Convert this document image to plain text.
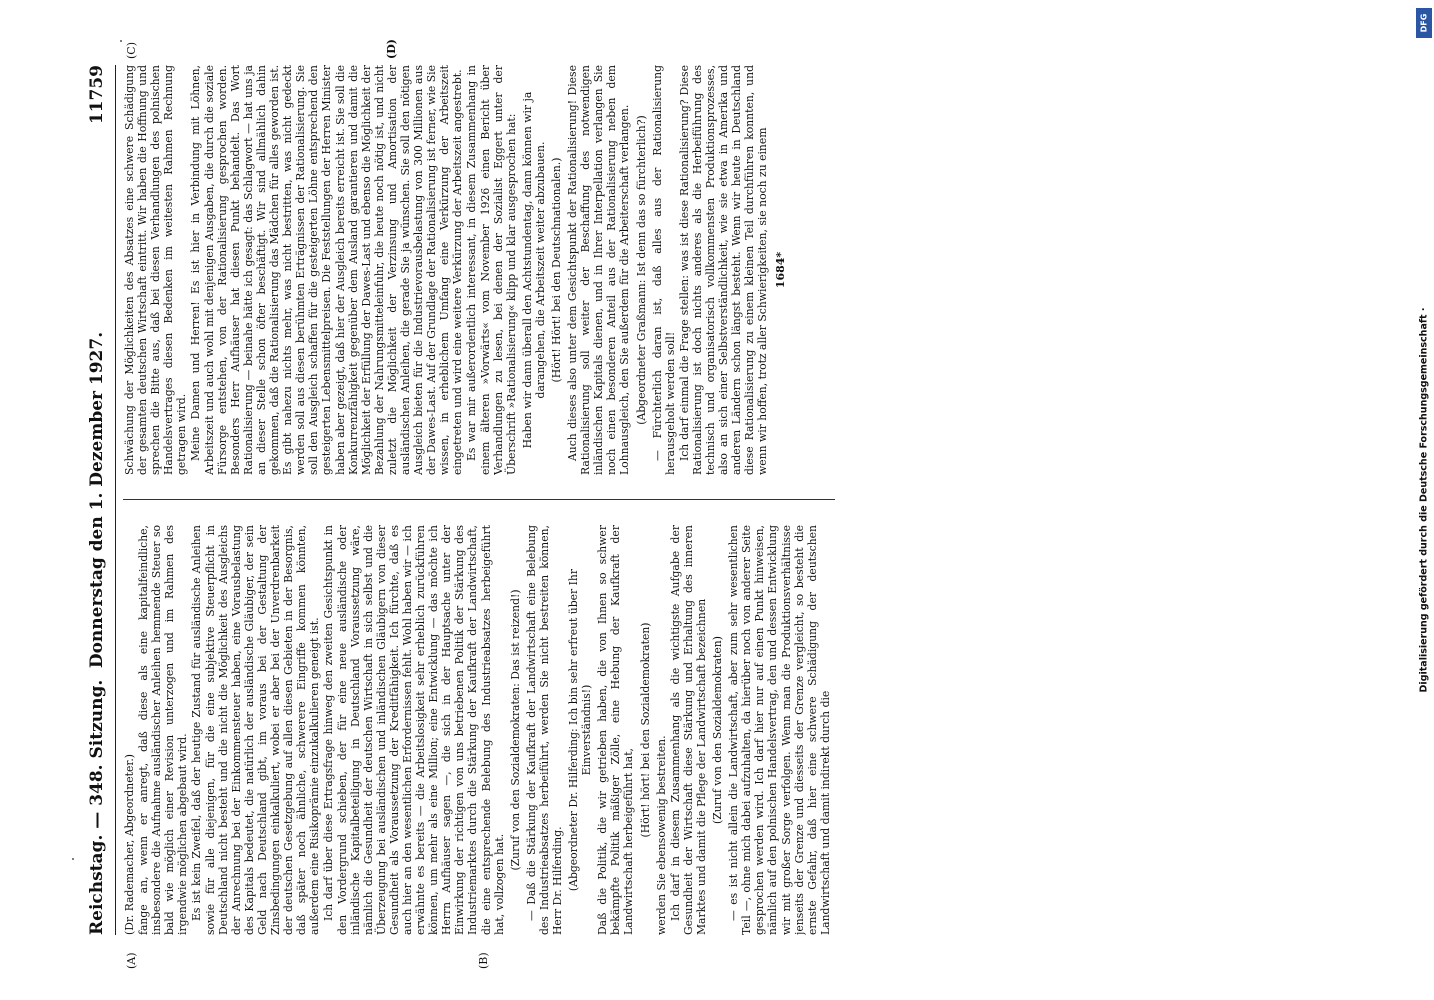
Reichstag. — 348. Sitzung.
Donnerstag den 1. Dezember 1927.
11759
(A)	(B)
(C)	(D)

(Dr. Rademacher, Abgeordneter.) fange an, wenn er anregt, daß diese als eine kapitalfeindliche, insbesondere die Aufnahme ausländischer Anleihen hemmende Steuer so bald wie möglich einer Revision unterzogen und im Rahmen des irgendwie möglichen abgebaut wird. Es ist kein Zweifel, daß der heutige Zustand für ausländische Anleihen sowie für alle diejenigen, für die eine subjektive Steuerpflicht in Deutschland nicht besteht und die nicht die Möglichkeit des Ausgleichs der Anrechnung bei der Einkommensteuer haben, eine Vorausbelastung des Kapitals bedeutet, die natürlich der ausländische Gläubiger, der sein Geld nach Deutschland gibt, im voraus bei der Gestaltung der Zinsbedingungen einkalkuliert, wobei er aber bei der Unverdrenbarkeit der deutschen Gesetzgebung auf allen diesen Gebieten in der Besorgnis, daß später noch ähnliche, schwerere Eingriffe kommen könnten, außerdem eine Risikoprämie einzukalkulieren geneigt ist. Ich darf über diese Ertragsfrage hinweg den zweiten Gesichtspunkt in den Vordergrund schieben, der für eine neue ausländische oder inländische Kapitalbeteiligung in Deutschland Voraussetzung wäre, nämlich die Gesundheit der deutschen Wirtschaft in sich selbst und die Überzeugung bei ausländischen und inländischen Gläubigern von dieser Gesundheit als Voraussetzung der Kreditfähigkeit. Ich fürchte, daß es auch hier an den wesentlichen Erfordernissen fehlt. Wohl haben wir — ich erwähnte es bereits — die Arbeitslosigkeit sehr erheblich zurückführen können, um mehr als eine Million; eine Entwicklung — das möchte ich Herrn Aufhäuser sagen —, die sich in der Hauptsache unter der Einwirkung der richtigen von uns betriebenen Politik der Stärkung des Industriemarktes durch die Stärkung der Kaufkraft der Landwirtschaft, die eine entsprechende Belebung des Industrieabsatzes herbeigeführt hat, vollzogen hat.

(Zuruf von den Sozialdemokraten: Das ist reizend!) — Daß die Stärkung der Kaufkraft der Landwirtschaft eine Belebung des Industrieabsatzes herbeiführt, werden Sie nicht bestreiten können, Herr Dr. Hilferding. (Abgeordneter Dr. Hilferding: Ich bin sehr erfreut über Ihr Einverständnis!) Daß die Politik, die wir getrieben haben, die von Ihnen so schwer bekämpfte Politik mäßiger Zölle, eine Hebung der Kaufkraft der Landwirtschaft herbeigeführt hat,

(Hört! hört! bei den Sozialdemokraten) werden Sie ebensowenig bestreiten. Ich darf in diesem Zusammenhang als die wichtigste Aufgabe der Gesundheit der Wirtschaft diese Stärkung und Erhaltung des inneren Marktes und damit die Pflege der Landwirtschaft bezeichnen (Zuruf von den Sozialdemokraten) — es ist nicht allein die Landwirtschaft, aber zum sehr wesentlichen Teil —, ohne mich dabei aufzuhalten, da hierüber noch von anderer Seite gesprochen werden wird. Ich darf hier nur auf einen Punkt hinweisen, nämlich auf den polnischen Handelsvertrag, den und dessen Entwicklung wir mit großer Sorge verfolgen. Wenn man die Produktionsverhältnisse jenseits der Grenze und diesseits der Grenze vergleicht, so besteht die ernste Gefahr, daß hier eine schwere Schädigung der deutschen Landwirtschaft und damit indirekt durch die

Schwächung der Möglichkeiten des Absatzes eine schwere Schädigung der gesamten deutschen Wirtschaft eintritt. Wir haben die Hoffnung und sprechen die Bitte aus, daß bei diesen Verhandlungen des polnischen Handelsvertrages diesen Bedenken im weitesten Rahmen Rechnung getragen wird. Meine Damen und Herren! Es ist hier in Verbindung mit Löhnen, Arbeitszeit und auch wohl mit denjenigen Ausgaben, die durch die soziale Fürsorge entstehen, von der Rationalisierung gesprochen worden. Besonders Herr Aufhäuser hat diesen Punkt behandelt. Das Wort Rationalisierung — beinahe hätte ich gesagt: das Schlagwort — hat uns ja an dieser Stelle schon öfter beschäftigt. Wir sind allmählich dahin gekommen, daß die Rationalisierung das Mädchen für alles geworden ist. Es gibt nahezu nichts mehr, was nicht bestritten, was nicht gedeckt werden soll aus diesen berühmten Erträgnissen der Rationalisierung. Sie soll den Ausgleich schaffen für die gesteigerten Löhne entsprechend den gesteigerten Lebensmittelpreisen. Die Feststellungen der Herren Minister haben aber gezeigt, daß hier der Ausgleich bereits erreicht ist. Sie soll die Konkurrenzfähigkeit gegenüber dem Ausland garantieren und damit die Möglichkeit der Erfüllung der Dawes-Last und ebenso die Möglichkeit der Bezahlung der Nahrungsmitteleinfuhr, die heute noch nötig ist, und nicht zuletzt die Möglichkeit der Verzinsung und Amortisation der ausländischen Anleihen, die gerade Sie ja wünschen. Sie soll den nötigen Ausgleich bieten für die Industrievorausbelastung von 300 Millionen aus der Dawes-Last. Auf der Grundlage der Rationalisierung ist ferner, wie Sie wissen, in erheblichem Umfang eine Verkürzung der Arbeitszeit eingetreten und wird eine weitere Verkürzung der Arbeitszeit angestrebt. Es war mir außerordentlich interessant, in diesem Zusammenhang in einem älteren »Vorwärts« vom November 1926 einen Bericht über Verhandlungen zu lesen, bei denen der Sozialist Eggert unter der Überschrift »Rationalisierung« klipp und klar ausgesprochen hat: Haben wir dann überall den Achtstundentag, dann können wir ja darangehen, die Arbeitszeit weiter abzubauen. (Hört! Hört! bei den Deutschnationalen.) Auch dieses also unter dem Gesichtspunkt der Rationalisierung! Diese Rationalisierung soll weiter der Beschaffung des notwendigen inländischen Kapitals dienen, und in Ihrer Interpellation verlangen Sie noch einen besonderen Anteil aus der Rationalisierung neben dem Lohnausgleich, den Sie außerdem für die Arbeiterschaft verlangen. (Abgeordneter Graßmann: Ist denn das so fürchterlich?) — Fürchterlich daran ist, daß alles aus der Rationalisierung herausgeholt werden soll! Ich darf einmal die Frage stellen: was ist diese Rationalisierung? Diese Rationalisierung ist doch nichts anderes als die Herbeiführung des technisch und organisatorisch vollkommensten Produktionsprozesses, also an sich einer Selbstverständlichkeit, wie sie etwa in Amerika und anderen Ländern schon längst besteht. Wenn wir heute in Deutschland diese Rationalisierung zu einem kleinen Teil durchführen konnten, und wenn wir hoffen, trotz aller Schwierigkeiten, sie noch zu einem 1684*
DFG
Digitalisierung gefördert durch die Deutsche Forschungsgemeinschaft ·
